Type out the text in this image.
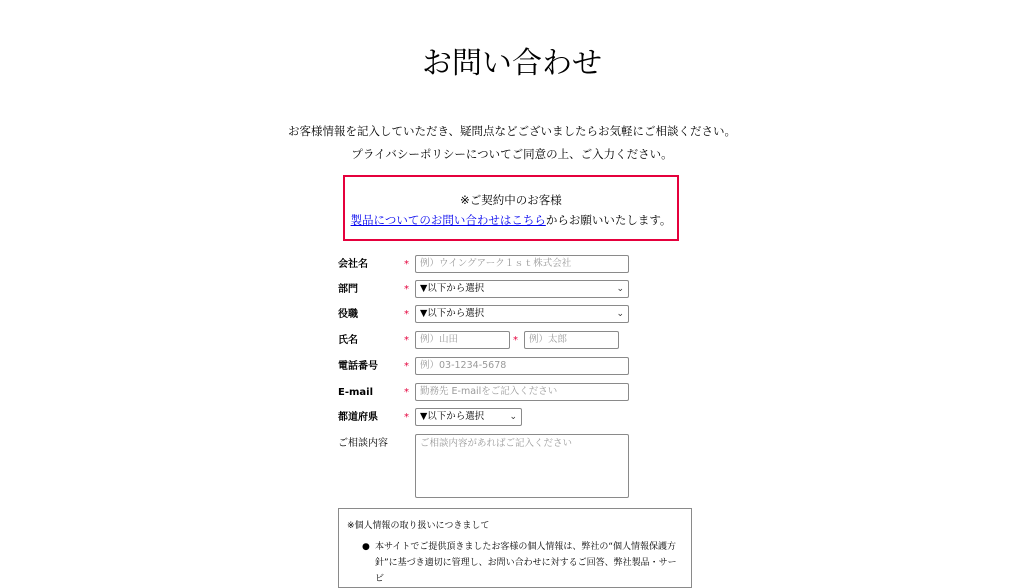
お問い合わせ
お客様情報を記入していただき、疑問点などございましたらお気軽にご相談ください。
プライバシーポリシーについてご同意の上、ご入力ください。
※ご契約中のお客様
製品についてのお問い合わせはこちらからお願いいたします。
会社名	*	例）ウイングアーク１ｓｔ株式会社
部門	*	▼以下から選択	⌄
役職	*	▼以下から選択	⌄
氏名	*	例）山田	*	例）太郎
電話番号	*	例）03-1234-5678
E-mail	*	勤務先 E-mailをご記入ください
都道府県	*	▼以下から選択	⌄
ご相談内容	ご相談内容があればご記入ください
※個人情報の取り扱いにつきまして
● 本サイトでご提供頂きましたお客様の個人情報は、弊社の“個人情報保護方
針”に基づき適切に管理し、お問い合わせに対するご回答、弊社製品・サービ
